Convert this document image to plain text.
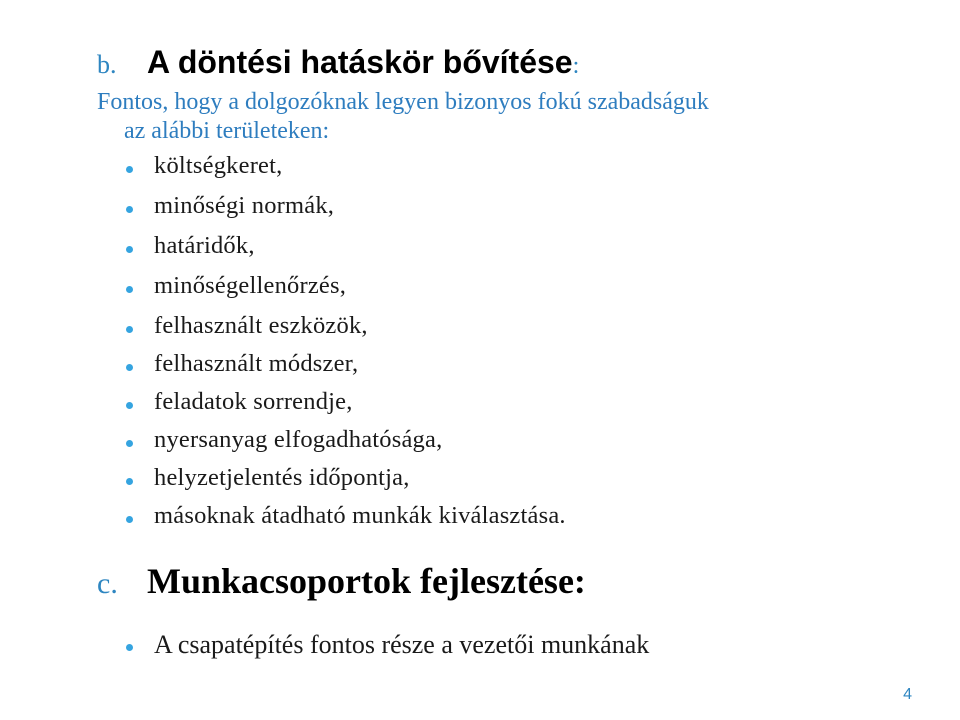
b. A döntési hatáskör bővítése:
Fontos, hogy a dolgozóknak legyen bizonyos fokú szabadságuk
az alábbi területeken:
költségkeret,
minőségi normák,
határidők,
minőségellenőrzés,
felhasznált eszközök,
felhasznált módszer,
feladatok sorrendje,
nyersanyag elfogadhatósága,
helyzetjelentés időpontja,
másoknak átadható munkák kiválasztása.
c. Munkacsoportok fejlesztése:
A csapatépítés fontos része a vezetői munkának
4
